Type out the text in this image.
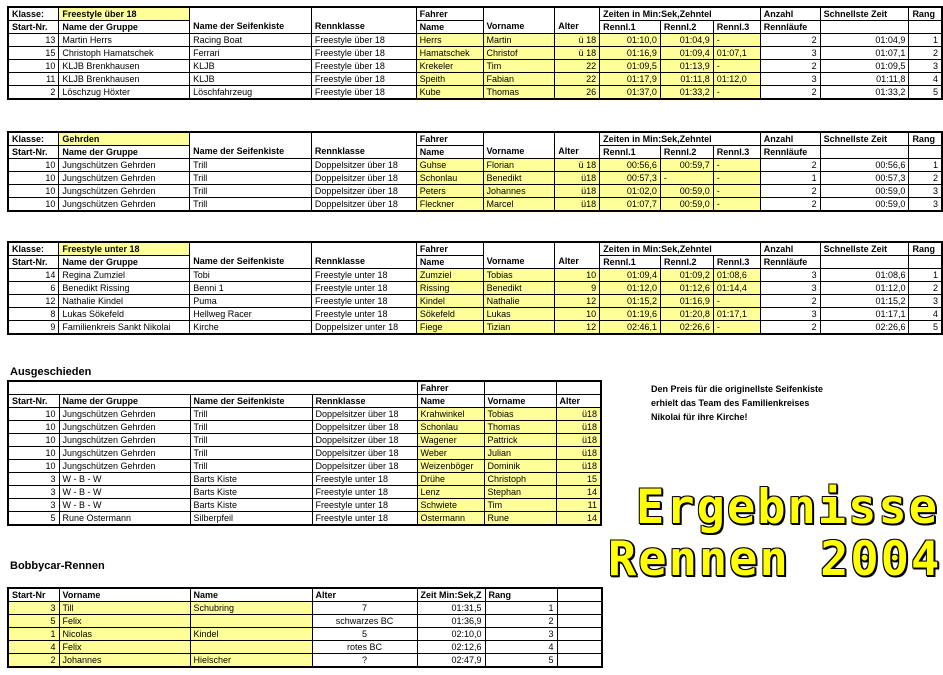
Klasse:	Freestyle über 18			Fahrer			Zeiten in Min:Sek,Zehntel			Anzahl	Schnellste Zeit	Rang
Start-Nr.	Name der Gruppe	Name der Seifenkiste	Rennklasse	Name	Vorname	Alter	Rennl.1	Rennl.2	Rennl.3	Rennläufe		
13	Martin Herrs	Racing Boat	Freestyle über 18	Herrs	Martin	ü 18	01:10,0	01:04,9	-	2	01:04,9	1
15	Christoph Hamatschek	Ferrari	Freestyle über 18	Hamatschek	Christof	ü 18	01:16,9	01:09,4	01:07,1	3	01:07,1	2
10	KLJB Brenkhausen	KLJB	Freestyle über 18	Krekeler	Tim	22	01:09,5	01:13,9	-	2	01:09,5	3
11	KLJB Brenkhausen	KLJB	Freestyle über 18	Speith	Fabian	22	01:17,9	01:11,8	01:12,0	3	01:11,8	4
2	Löschzug Höxter	Löschfahrzeug	Freestyle über 18	Kube	Thomas	26	01:37,0	01:33,2	-	2	01:33,2	5
Klasse:	Gehrden			Fahrer			Zeiten in Min:Sek,Zehntel			Anzahl	Schnellste Zeit	Rang
Start-Nr.	Name der Gruppe	Name der Seifenkiste	Rennklasse	Name	Vorname	Alter	Rennl.1	Rennl.2	Rennl.3	Rennläufe		
10	Jungschützen Gehrden	Trill	Doppelsitzer über 18	Guhse	Florian	ü 18	00:56,6	00:59,7	-	2	00:56,6	1
10	Jungschützen Gehrden	Trill	Doppelsitzer über 18	Schonlau	Benedikt	ü18	00:57,3	-	-	1	00:57,3	2
10	Jungschützen Gehrden	Trill	Doppelsitzer über 18	Peters	Johannes	ü18	01:02,0	00:59,0	-	2	00:59,0	3
10	Jungschützen Gehrden	Trill	Doppelsitzer über 18	Fleckner	Marcel	ü18	01:07,7	00:59,0	-	2	00:59,0	3
Klasse:	Freestyle unter 18			Fahrer			Zeiten in Min:Sek,Zehntel			Anzahl	Schnellste Zeit	Rang
Start-Nr.	Name der Gruppe	Name der Seifenkiste	Rennklasse	Name	Vorname	Alter	Rennl.1	Rennl.2	Rennl.3	Rennläufe		
14	Regina Zumziel	Tobi	Freestyle unter 18	Zumziel	Tobias	10	01:09,4	01:09,2	01:08,6	3	01:08,6	1
6	Benedikt Rissing	Benni 1	Freestyle unter 18	Rissing	Benedikt	9	01:12,0	01:12,6	01:14,4	3	01:12,0	2
12	Nathalie Kindel	Puma	Freestyle unter 18	Kindel	Nathalie	12	01:15,2	01:16,9	-	2	01:15,2	3
8	Lukas Sökefeld	Hellweg Racer	Freestyle unter 18	Sökefeld	Lukas	10	01:19,6	01:20,8	01:17,1	3	01:17,1	4
9	Familienkreis Sankt Nikolai	Kirche	Doppelsizer unter 18	Fiege	Tizian	12	02:46,1	02:26,6	-	2	02:26,6	5
Ausgeschieden
				Fahrer		
Start-Nr.	Name der Gruppe	Name der Seifenkiste	Rennklasse	Name	Vorname	Alter
10	Jungschützen Gehrden	Trill	Doppelsitzer über 18	Krahwinkel	Tobias	ü18
10	Jungschützen Gehrden	Trill	Doppelsitzer über 18	Schonlau	Thomas	ü18
10	Jungschützen Gehrden	Trill	Doppelsitzer über 18	Wagener	Pattrick	ü18
10	Jungschützen Gehrden	Trill	Doppelsitzer über 18	Weber	Julian	ü18
10	Jungschützen Gehrden	Trill	Doppelsitzer über 18	Weizenböger	Dominik	ü18
3	W - B - W	Barts Kiste	Freestyle unter 18	Drühe	Christoph	15
3	W - B - W	Barts Kiste	Freestyle unter 18	Lenz	Stephan	14
3	W - B - W	Barts Kiste	Freestyle unter 18	Schwiete	Tim	11
5	Rune Ostermann	Silberpfeil	Freestyle unter 18	Ostermann	Rune	14
Bobbycar-Rennen
Start-Nr	Vorname	Name	Alter	Zeit Min:Sek,Z	Rang	
3	Till	Schubring	7	01:31,5	1	
5	Felix		schwarzes BC	01:36,9	2	
1	Nicolas	Kindel	5	02:10,0	3	
4	Felix		rotes BC	02:12,6	4	
2	Johannes	Hielscher	?	02:47,9	5	
Den Preis für die originellste Seifenkiste
erhielt das Team des Familienkreises
Nikolai für ihre Kirche!
Ergebnisse
Rennen 2004
